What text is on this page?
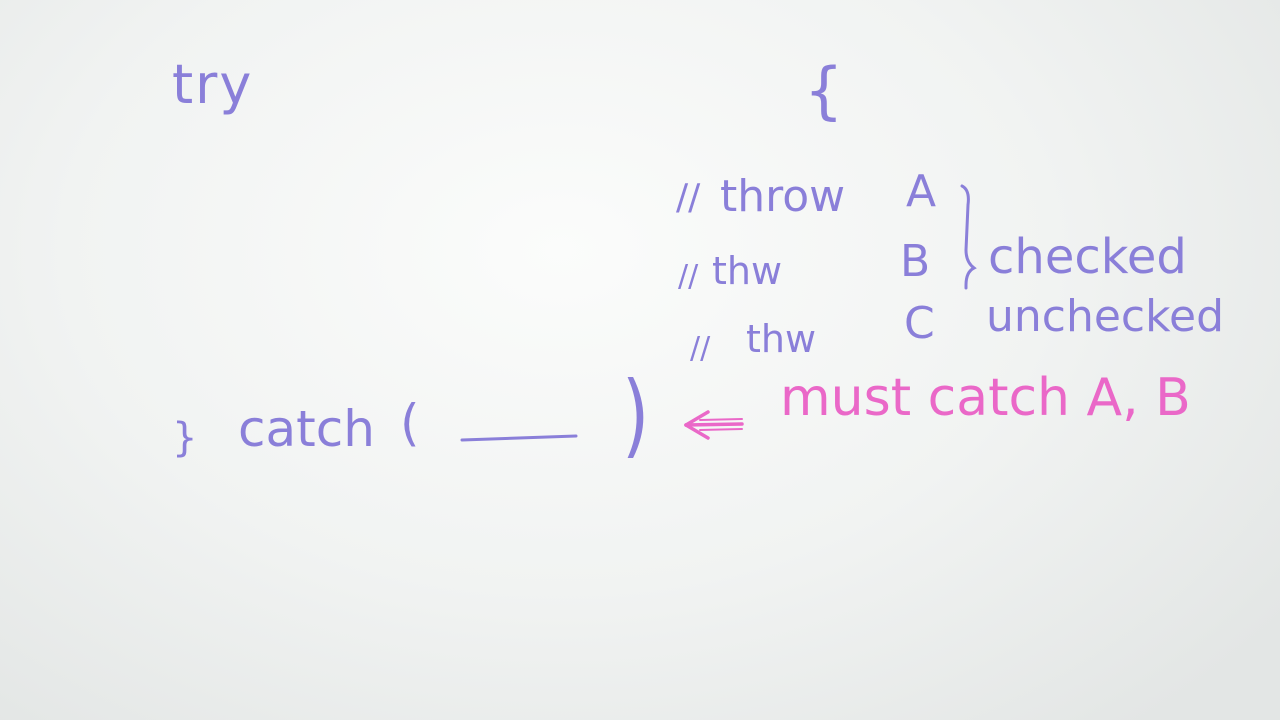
try	{
// throw A
// thw	B
// thw C
checked
unchecked
} catch (	)	must catch A, B
